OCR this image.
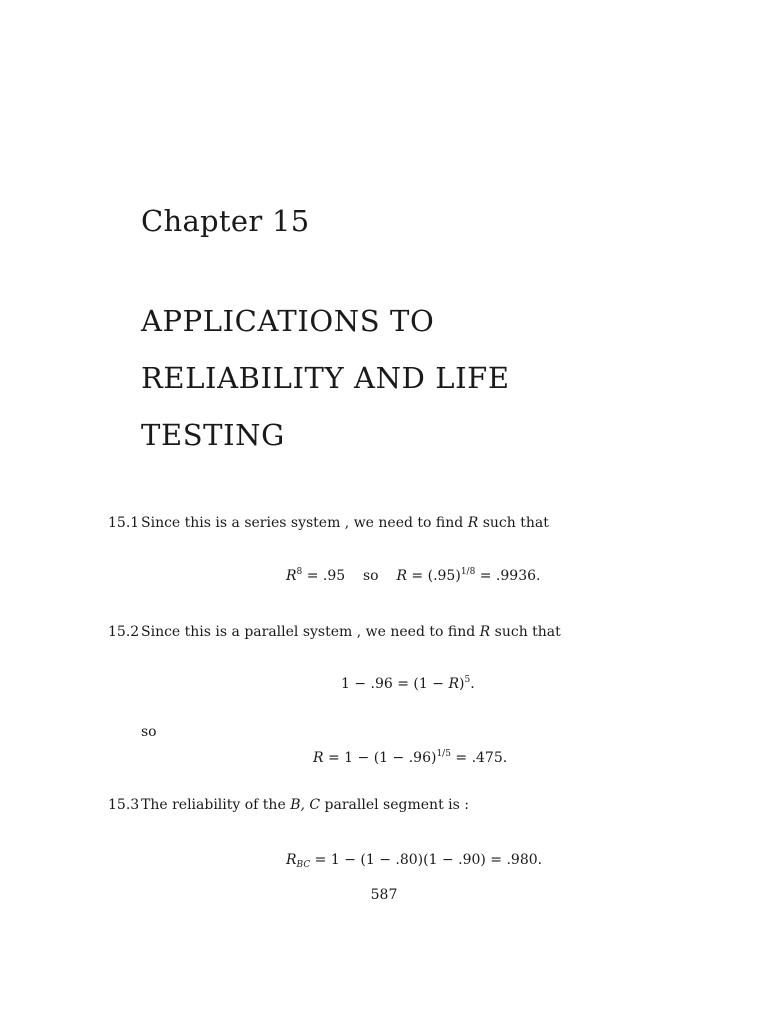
Chapter 15
APPLICATIONS TO
RELIABILITY AND LIFE
TESTING
15.1 Since this is a series system , we need to find R such that
$R^8 = .95$ so $R = (.95)^{1/8} = .9936$.
15.2 Since this is a parallel system , we need to find R such that
$1 - .96 = (1 - R)^5$.
so
$R = 1 - (1 - .96)^{1/5} = .475$.
15.3 The reliability of the B, C parallel segment is :
$R_{BC} = 1 - (1 - .80)(1 - .90) = .980$.
587
